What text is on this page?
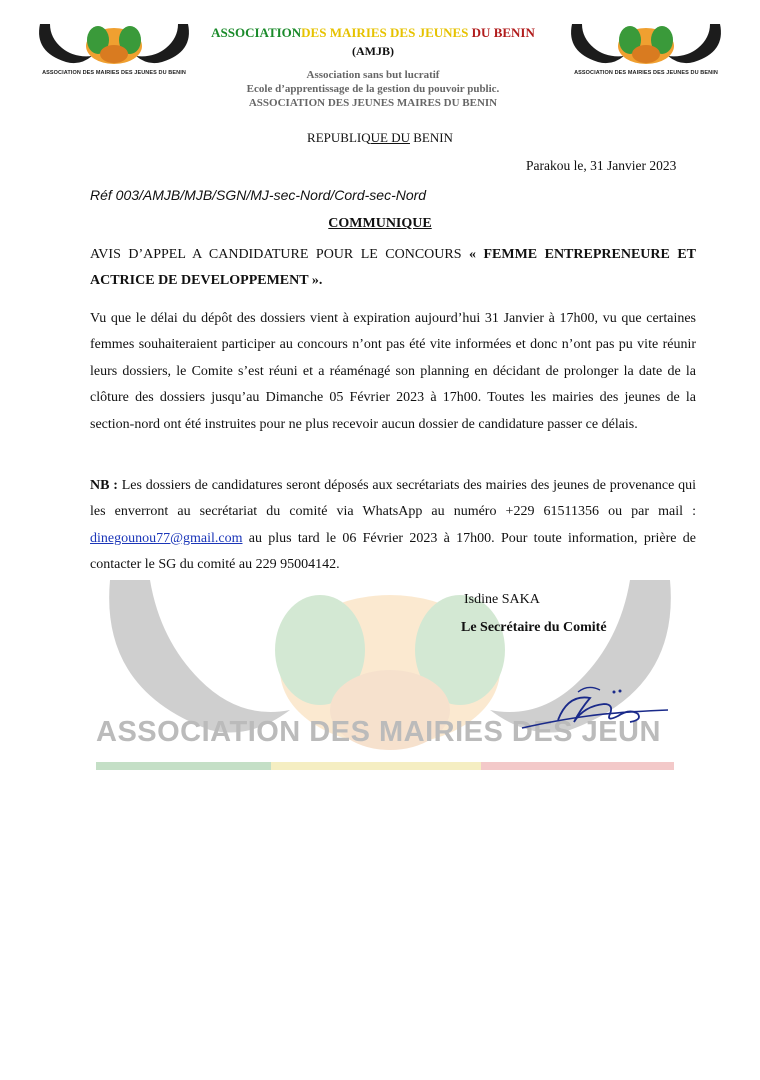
ASSOCIATION DES MAIRIES DES JEUN
ASSOCIATION DES MAIRIES DES JEUNES DU BENIN	ASSOCIATION DES MAIRIES DES JEUNES DU BENIN
ASSOCIATIONDES MAIRIES DES JEUNES DU BENIN
(AMJB)
Association sans but lucratif
Ecole d’apprentissage de la gestion du pouvoir public.
ASSOCIATION DES JEUNES MAIRES DU BENIN
REPUBLIQUE DU BENIN
Parakou le, 31 Janvier 2023
Réf 003/AMJB/MJB/SGN/MJ-sec-Nord/Cord-sec-Nord
COMMUNIQUE
AVIS D’APPEL A CANDIDATURE POUR LE CONCOURS « FEMME ENTREPRENEURE ET ACTRICE DE DEVELOPPEMENT ».
Vu que le délai du dépôt des dossiers vient à expiration aujourd’hui 31 Janvier à 17h00, vu que certaines femmes souhaiteraient participer au concours n’ont pas été vite informées et donc n’ont pas pu vite réunir leurs dossiers, le Comite s’est réuni et a réaménagé son planning en décidant de prolonger la date de la clôture des dossiers jusqu’au Dimanche 05 Février 2023 à 17h00. Toutes les mairies des jeunes de la section-nord ont été instruites pour ne plus recevoir aucun dossier de candidature passer ce délais.
NB : Les dossiers de candidatures seront déposés aux secrétariats des mairies des jeunes de provenance qui les enverront au secrétariat du comité via WhatsApp au numéro +229 61511356 ou par mail : dinegounou77@gmail.com au plus tard le 06 Février 2023 à 17h00. Pour toute information, prière de contacter le SG du comité au 229 95004142.
Isdine SAKA
Le Secrétaire du Comité
